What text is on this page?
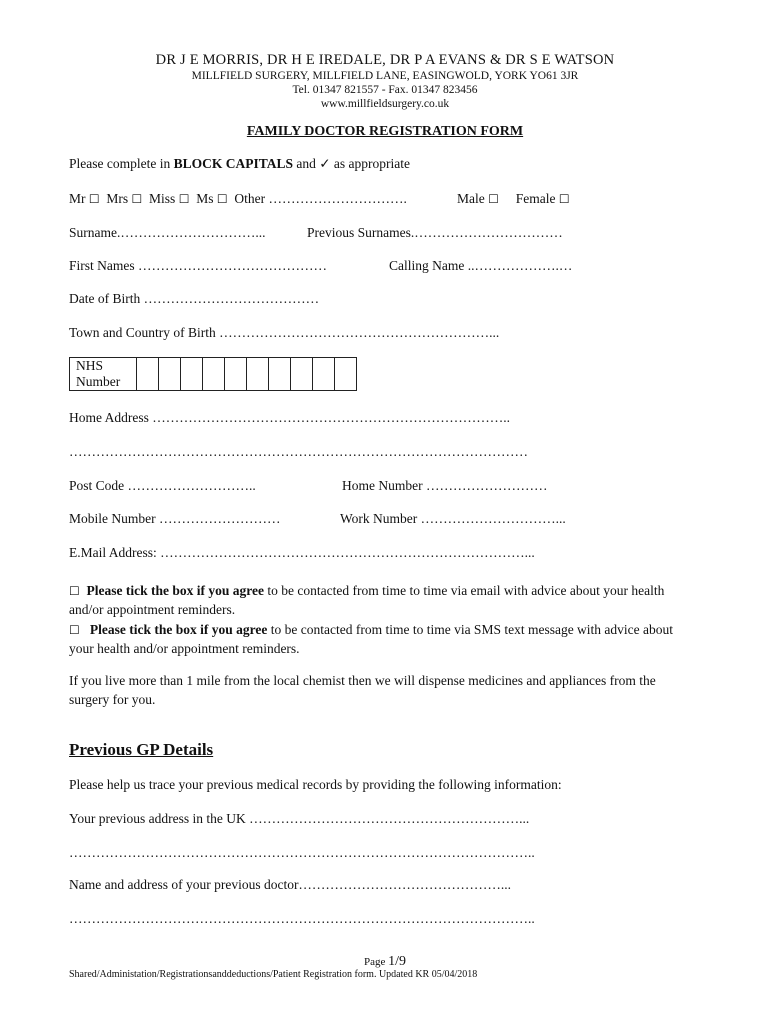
DR J E MORRIS, DR H E IREDALE, DR P A EVANS & DR S E WATSON
MILLFIELD SURGERY, MILLFIELD LANE, EASINGWOLD, YORK YO61 3JR
Tel. 01347 821557 - Fax. 01347 823456
www.millfieldsurgery.co.uk
FAMILY DOCTOR REGISTRATION FORM
Please complete in BLOCK CAPITALS and ✓ as appropriate
Mr ☐ Mrs ☐ Miss ☐ Ms ☐ Other ………………………….	Male ☐ Female ☐
Surname.…………………………...	Previous Surnames.……………………………
First Names ……………………………………	Calling Name ..……………….…
Date of Birth …………………………………
Town and Country of Birth ……………………………………………………...
NHS
Number

Home Address ……………………………………………………………………..
…………………………………………………………………………………………
Post Code ………………………..	Home Number ………………………
Mobile Number ………………………	Work Number …………………………...
E.Mail Address: ………………………………………………………………………...
☐ Please tick the box if you agree to be contacted from time to time via email with advice about your health and/or appointment reminders.
☐ Please tick the box if you agree to be contacted from time to time via SMS text message with advice about your health and/or appointment reminders.
If you live more than 1 mile from the local chemist then we will dispense medicines and appliances from the surgery for you.
Previous GP Details
Please help us trace your previous medical records by providing the following information:
Your previous address in the UK ……………………………………………………...
…………………………………………………………………………………………..
Name and address of your previous doctor………………………………………...
…………………………………………………………………………………………..
Page 1/9
Shared/Administation/Registrationsanddeductions/Patient Registration form. Updated KR 05/04/2018
